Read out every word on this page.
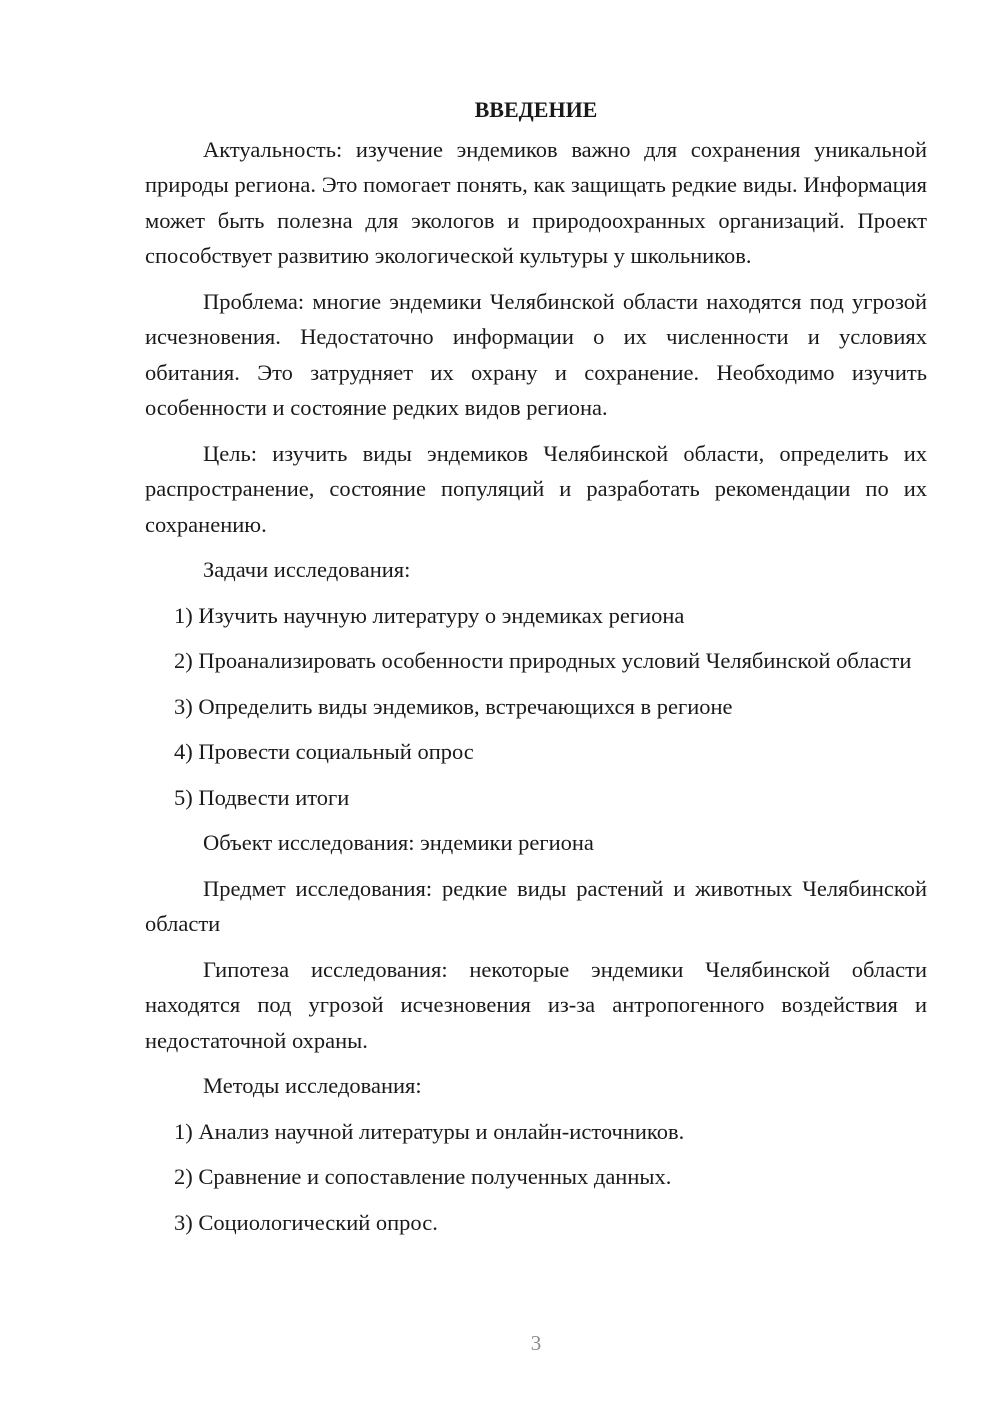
ВВЕДЕНИЕ

Актуальность: изучение эндемиков важно для сохранения уникальной природы региона. Это помогает понять, как защищать редкие виды. Информация может быть полезна для экологов и природоохранных организаций. Проект способствует развитию экологической культуры у школьников.

Проблема: многие эндемики Челябинской области находятся под угрозой исчезновения. Недостаточно информации о их численности и условиях обитания. Это затрудняет их охрану и сохранение. Необходимо изучить особенности и состояние редких видов региона.

Цель: изучить виды эндемиков Челябинской области, определить их распространение, состояние популяций и разработать рекомендации по их сохранению.

Задачи исследования:

1) Изучить научную литературу о эндемиках региона

2) Проанализировать особенности природных условий Челябинской области

3) Определить виды эндемиков, встречающихся в регионе

4) Провести социальный опрос

5) Подвести итоги

Объект исследования: эндемики региона

Предмет исследования: редкие виды растений и животных Челябинской области

Гипотеза исследования: некоторые эндемики Челябинской области находятся под угрозой исчезновения из-за антропогенного воздействия и недостаточной охраны.

Методы исследования:

1) Анализ научной литературы и онлайн-источников.

2) Сравнение и сопоставление полученных данных.

3) Социологический опрос.

3
